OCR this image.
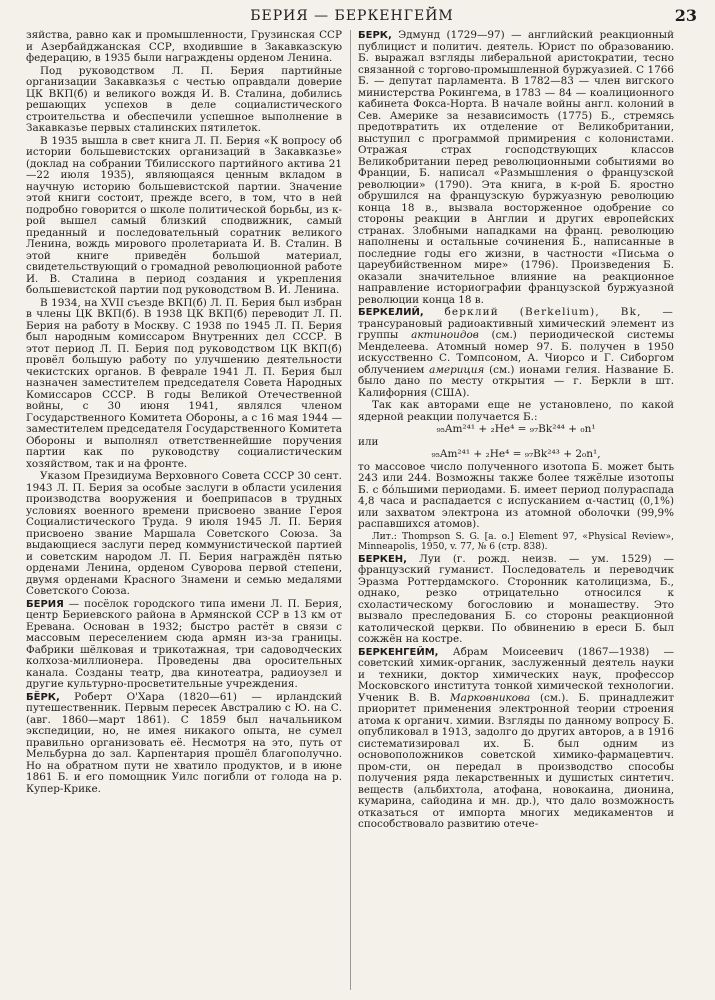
БЕРИЯ — БЕРКЕНГЕЙМ	23

зяйства, равно как и промышленности, Грузинская ССР и Азербайджанская ССР, входившие в Закавказскую федерацию, в 1935 были награждены орденом Ленина.

Под руководством Л. П. Берия партийные организации Закавказья с честью оправдали доверие ЦК ВКП(б) и великого вождя И. В. Сталина, добились решающих успехов в деле социалистического строительства и обеспечили успешное выполнение в Закавказье первых сталинских пятилеток.

В 1935 вышла в свет книга Л. П. Берия «К вопросу об истории большевистских организаций в Закавказье» (доклад на собрании Тбилисского партийного актива 21—22 июля 1935), являющаяся ценным вкладом в научную историю большевистской партии. Значение этой книги состоит, прежде всего, в том, что в ней подробно говорится о школе политической борьбы, из к-рой вышел самый близкий сподвижник, самый преданный и последовательный соратник великого Ленина, вождь мирового пролетариата И. В. Сталин. В этой книге приведён большой материал, свидетельствующий о громадной революционной работе И. В. Сталина в период создания и укрепления большевистской партии под руководством В. И. Ленина.

В 1934, на XVII съезде ВКП(б) Л. П. Берия был избран в члены ЦК ВКП(б). В 1938 ЦК ВКП(б) переводит Л. П. Берия на работу в Москву. С 1938 по 1945 Л. П. Берия был народным комиссаром Внутренних дел СССР. В этот период Л. П. Берия под руководством ЦК ВКП(б) провёл большую работу по улучшению деятельности чекистских органов. В феврале 1941 Л. П. Берия был назначен заместителем председателя Совета Народных Комиссаров СССР. В годы Великой Отечественной войны, с 30 июня 1941, являлся членом Государственного Комитета Обороны, а с 16 мая 1944 — заместителем председателя Государственного Комитета Обороны и выполнял ответственнейшие поручения партии как по руководству социалистическим хозяйством, так и на фронте.

Указом Президиума Верховного Совета СССР 30 сент. 1943 Л. П. Берия за особые заслуги в области усиления производства вооружения и боеприпасов в трудных условиях военного времени присвоено звание Героя Социалистического Труда. 9 июля 1945 Л. П. Берия присвоено звание Маршала Советского Союза. За выдающиеся заслуги перед коммунистической партией и советским народом Л. П. Берия награждён пятью орденами Ленина, орденом Суворова первой степени, двумя орденами Красного Знамени и семью медалями Советского Союза.

БЕРИЯ — посёлок городского типа имени Л. П. Берия, центр Бериевского района в Армянской ССР в 13 км от Еревана. Основан в 1932; быстро растёт в связи с массовым переселением сюда армян из-за границы. Фабрики шёлковая и трикотажная, три садоводческих колхоза-миллионера. Проведены два оросительных канала. Созданы театр, два кинотеатра, радиоузел и другие культурно-просветительные учреждения.

БЁРК, Роберт О'Хара (1820—61) — ирландский путешественник. Первым пересек Австралию с Ю. на С. (авг. 1860—март 1861). С 1859 был начальником экспедиции, но, не имея никакого опыта, не сумел правильно организовать её. Несмотря на это, путь от Мельбурна до зал. Карпентария прошёл благополучно. Но на обратном пути не хватило продуктов, и в июне 1861 Б. и его помощник Уилс погибли от голода на р. Купер-Крике.

БЁРК, Эдмунд (1729—97) — английский реакционный публицист и политич. деятель. Юрист по образованию. Б. выражал взгляды либеральной аристократии, тесно связанной с торгово-промышленной буржуазией. С 1766 Б. — депутат парламента. В 1782—83 — член вигского министерства Рокингема, в 1783 — 84 — коалиционного кабинета Фокса-Норта. В начале войны англ. колоний в Сев. Америке за независимость (1775) Б., стремясь предотвратить их отделение от Великобритании, выступил с программой примирения с колонистами. Отражая страх господствующих классов Великобритании перед революционными событиями во Франции, Б. написал «Размышления о французской революции» (1790). Эта книга, в к-рой Б. яростно обрушился на французскую буржуазную революцию конца 18 в., вызвала восторженное одобрение со стороны реакции в Англии и других европейских странах. Злобными нападками на франц. революцию наполнены и остальные сочинения Б., написанные в последние годы его жизни, в частности «Письма о цареубийственном мире» (1796). Произведения Б. оказали значительное влияние на реакционное направление историографии французской буржуазной революции конца 18 в.

БЕРКЕЛИЙ, берклий (Berkelium), Bk, — трансурановый радиоактивный химический элемент из группы актиноидов (см.) периодической системы Менделеева. Атомный номер 97. Б. получен в 1950 искусственно С. Томпсоном, А. Чиорсо и Г. Сиборгом облучением америция (см.) ионами гелия. Название Б. было дано по месту открытия — г. Беркли в шт. Калифорния (США).

Так как авторами еще не установлено, по какой ядерной реакции получается Б.:

₉₅Am²⁴¹ + ₂He⁴ = ₉₇Bk²⁴⁴ + ₀n¹

или

₉₅Am²⁴¹ + ₂He⁴ = ₉₇Bk²⁴³ + 2₀n¹,

то массовое число полученного изотопа Б. может быть 243 или 244. Возможны также более тяжёлые изотопы Б. с бо́льшими периодами. Б. имеет период полураспада 4,8 часа и распадается с испусканием α-частиц (0,1%) или захватом электрона из атомной оболочки (99,9% распавшихся атомов).

Лит.: Thompson S. G. [a. o.] Element 97, «Physical Review», Minneapolis, 1950, v. 77, № 6 (стр. 838).

БЕРКЕН, Луи (г. рожд. неизв. — ум. 1529) — французский гуманист. Последователь и переводчик Эразма Роттердамского. Сторонник католицизма, Б., однако, резко отрицательно относился к схоластическому богословию и монашеству. Это вызвало преследования Б. со стороны реакционной католической церкви. По обвинению в ереси Б. был сожжён на костре.

БЕРКЕНГЕЙМ, Абрам Моисеевич (1867—1938) — советский химик-органик, заслуженный деятель науки и техники, доктор химических наук, профессор Московского института тонкой химической технологии. Ученик В. В. Марковникова (см.). Б. принадлежит приоритет применения электронной теории строения атома к органич. химии. Взгляды по данному вопросу Б. опубликовал в 1913, задолго до других авторов, а в 1916 систематизировал их. Б. был одним из основоположников советской химико-фармацевтич. пром-сти, он передал в производство способы получения ряда лекарственных и душистых синтетич. веществ (альбихтола, атофана, новокаина, дионина, кумарина, сайодина и мн. др.), что дало возможность отказаться от импорта многих медикаментов и способствовало развитию отече-
